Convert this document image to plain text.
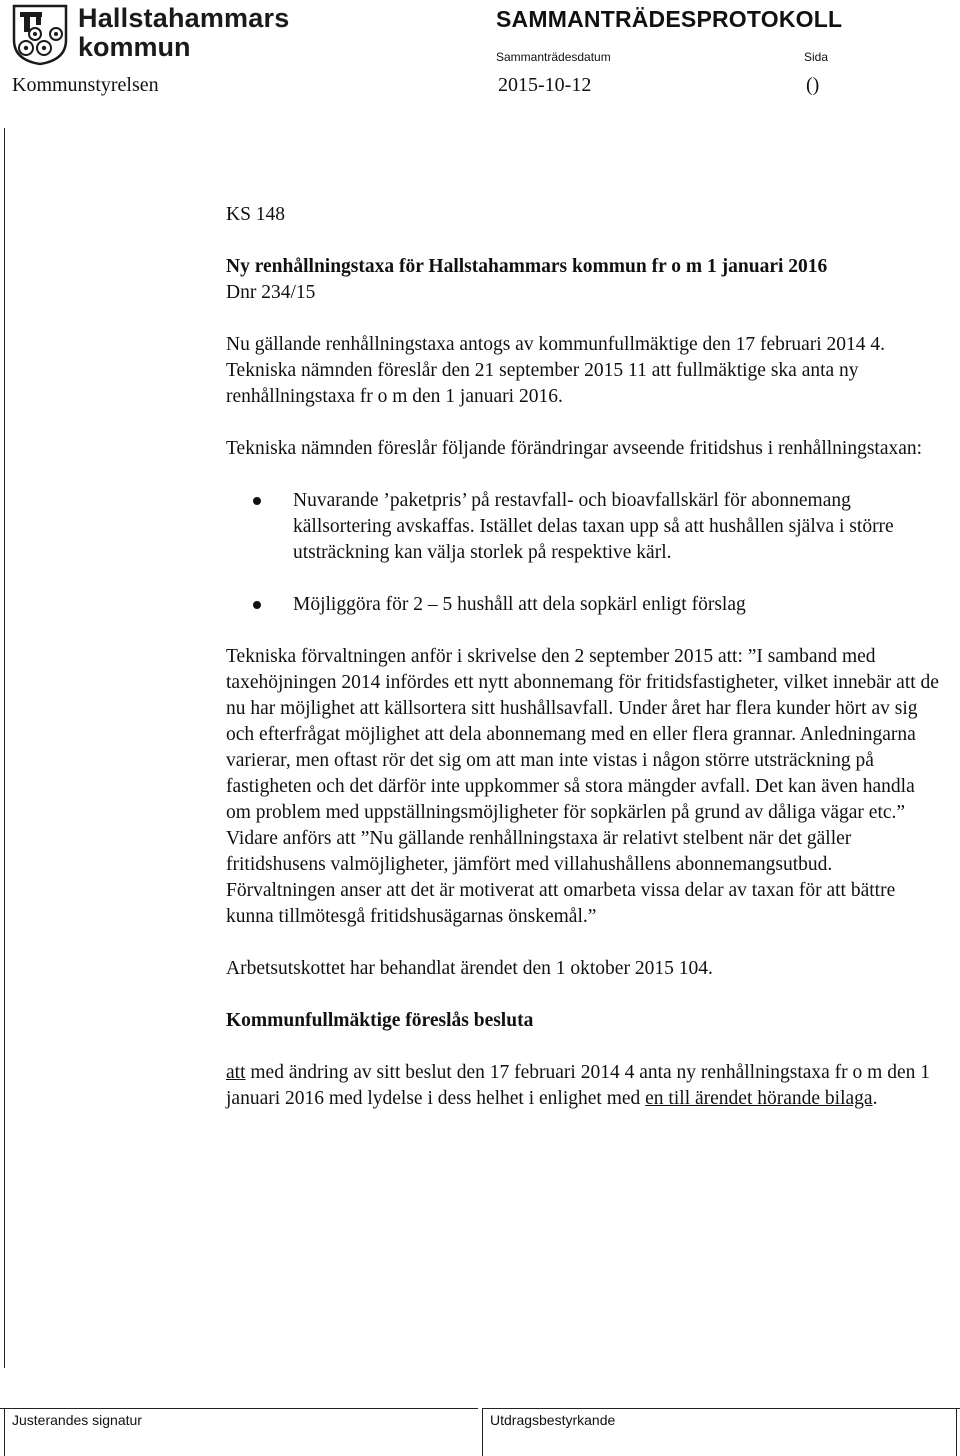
Hallstahammars
kommun
SAMMANTRÄDESPROTOKOLL
Sammanträdesdatum	Sida
Kommunstyrelsen	2015-10-12	()

KS 148

Ny renhållningstaxa för Hallstahammars kommun fr o m 1 januari 2016

Dnr 234/15

Nu gällande renhållningstaxa antogs av kommunfullmäktige den 17 februari 2014 4. Tekniska nämnden föreslår den 21 september 2015 11 att fullmäktige ska anta ny renhållningstaxa fr o m den 1 januari 2016.

Tekniska nämnden föreslår följande förändringar avseende fritidshus i renhållningstaxan:

Nuvarande ’paketpris’ på restavfall- och bioavfallskärl för abonnemang källsortering avskaffas. Istället delas taxan upp så att hushållen själva i större utsträckning kan välja storlek på respektive kärl.
Möjliggöra för 2 – 5 hushåll att dela sopkärl enligt förslag

Tekniska förvaltningen anför i skrivelse den 2 september 2015 att: ”I samband med taxehöjningen 2014 infördes ett nytt abonnemang för fritidsfastigheter, vilket innebär att de nu har möjlighet att källsortera sitt hushållsavfall. Under året har flera kunder hört av sig och efterfrågat möjlighet att dela abonnemang med en eller flera grannar. Anledningarna varierar, men oftast rör det sig om att man inte vistas i någon större utsträckning på fastigheten och det därför inte uppkommer så stora mängder avfall. Det kan även handla om problem med uppställningsmöjligheter för sopkärlen på grund av dåliga vägar etc.” Vidare anförs att ”Nu gällande renhållningstaxa är relativt stelbent när det gäller fritidshusens valmöjligheter, jämfört med villahushållens abonnemangsutbud. Förvaltningen anser att det är motiverat att omarbeta vissa delar av taxan för att bättre kunna tillmötesgå fritidshusägarnas önskemål.”

Arbetsutskottet har behandlat ärendet den 1 oktober 2015 104.

Kommunfullmäktige föreslås besluta

att med ändring av sitt beslut den 17 februari 2014 4 anta ny renhållningstaxa fr o m den 1 januari 2016 med lydelse i dess helhet i enlighet med en till ärendet hörande bilaga.

Justerandes signatur	Utdragsbestyrkande
